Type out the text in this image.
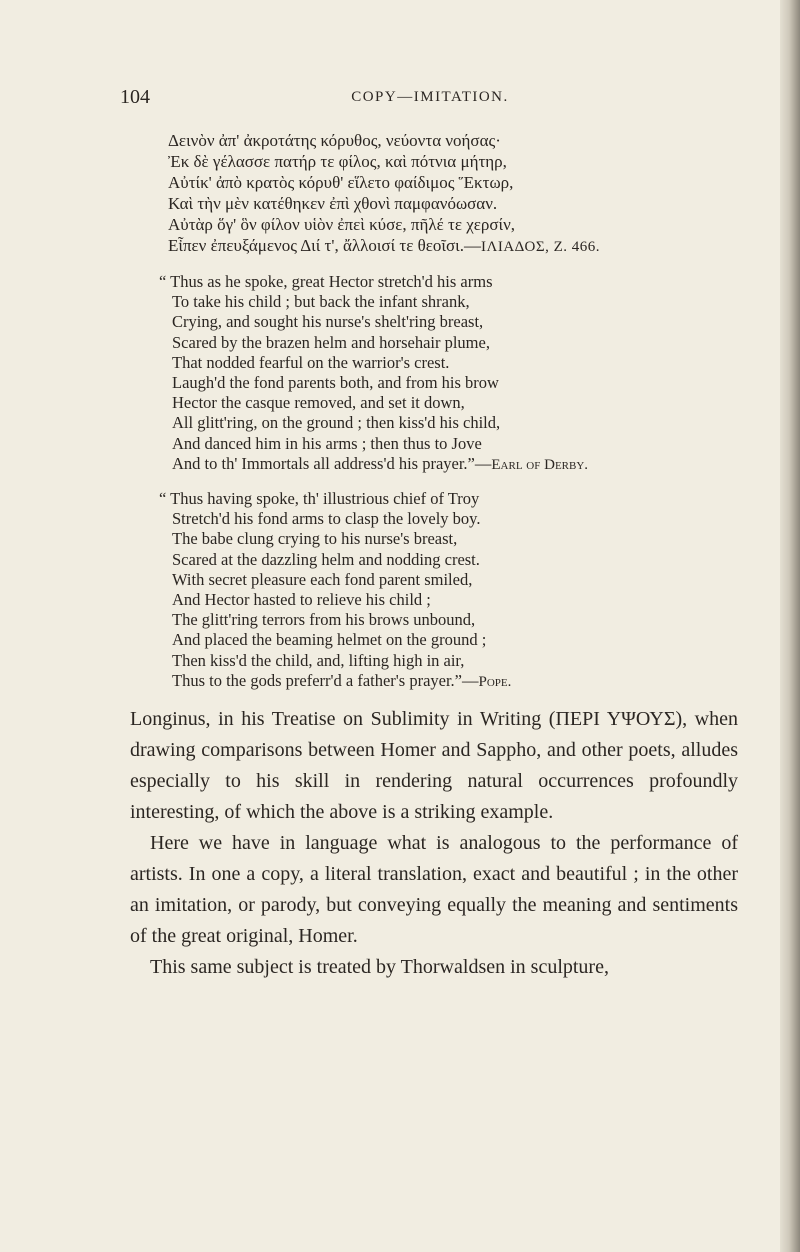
104	COPY—IMITATION.
Δεινὸν ἀπ' ἀκροτάτης κόρυθος, νεύοντα νοήσας·
Ἐκ δὲ γέλασσε πατήρ τε φίλος, καὶ πότνια μήτηρ,
Αὐτίκ' ἀπὸ κρατὸς κόρυθ' εἵλετο φαίδιμος Ἕκτωρ,
Καὶ τὴν μὲν κατέθηκεν ἐπὶ χθονὶ παμφανόωσαν.
Αὐτὰρ ὅγ' ὃν φίλον υἱὸν ἐπεὶ κύσε, πῆλέ τε χερσίν,
Εἶπεν ἐπευξάμενος Διί τ', ἄλλοισί τε θεοῖσι.—ΙΛΙΑΔΟΣ, Ζ. 466.
“ Thus as he spoke, great Hector stretch'd his arms
To take his child ; but back the infant shrank,
Crying, and sought his nurse's shelt'ring breast,
Scared by the brazen helm and horsehair plume,
That nodded fearful on the warrior's crest.
Laugh'd the fond parents both, and from his brow
Hector the casque removed, and set it down,
All glitt'ring, on the ground ; then kiss'd his child,
And danced him in his arms ; then thus to Jove
And to th' Immortals all address'd his prayer.”—Earl of Derby.
“ Thus having spoke, th' illustrious chief of Troy
Stretch'd his fond arms to clasp the lovely boy.
The babe clung crying to his nurse's breast,
Scared at the dazzling helm and nodding crest.
With secret pleasure each fond parent smiled,
And Hector hasted to relieve his child ;
The glitt'ring terrors from his brows unbound,
And placed the beaming helmet on the ground ;
Then kiss'd the child, and, lifting high in air,
Thus to the gods preferr'd a father's prayer.”—Pope.

Longinus, in his Treatise on Sublimity in Writing (ΠΕΡΙ ΥΨΟΥΣ), when drawing comparisons between Homer and Sappho, and other poets, alludes especially to his skill in rendering natural occurrences profoundly interesting, of which the above is a striking example.

Here we have in language what is analogous to the performance of artists. In one a copy, a literal translation, exact and beautiful ; in the other an imitation, or parody, but conveying equally the meaning and sentiments of the great original, Homer.

This same subject is treated by Thorwaldsen in sculpture,
